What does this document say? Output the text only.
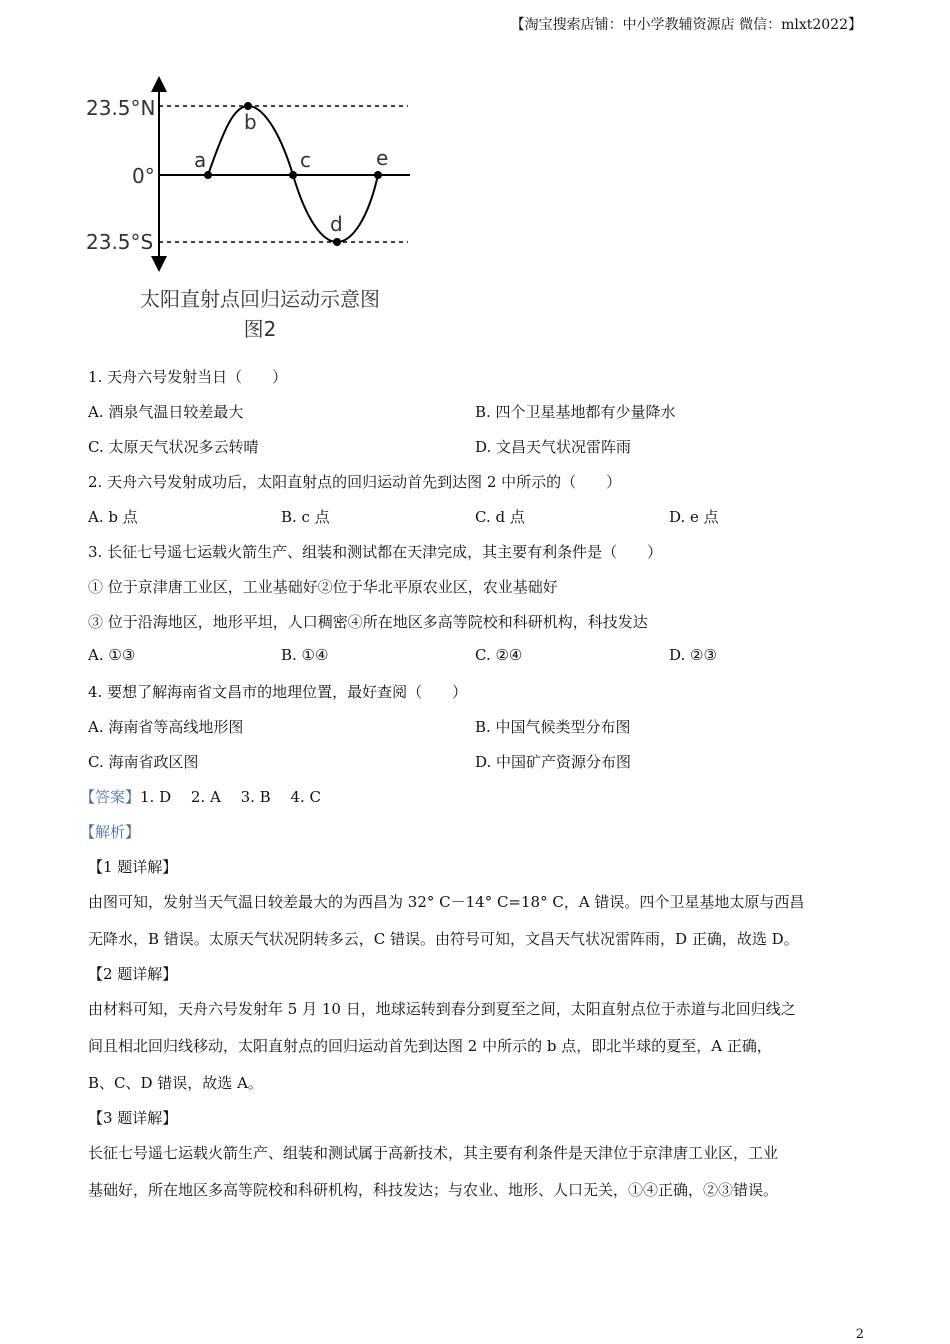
【淘宝搜索店铺：中小学教辅资源店 微信：mlxt2022】
23.5°N
0°
23.5°S
a
b
c
d
e
太阳直射点回归运动示意图
图2
1. 天舟六号发射当日（　　）
A. 酒泉气温日较差最大	B. 四个卫星基地都有少量降水
C. 太原天气状况多云转晴	D. 文昌天气状况雷阵雨
2. 天舟六号发射成功后，太阳直射点的回归运动首先到达图 2 中所示的（　　）
A. b 点	B. c 点	C. d 点	D. e 点
3. 长征七号遥七运载火箭生产、组装和测试都在天津完成，其主要有利条件是（　　）
① 位于京津唐工业区，工业基础好②位于华北平原农业区，农业基础好
③ 位于沿海地区，地形平坦，人口稠密④所在地区多高等院校和科研机构，科技发达
A. ①③	B. ①④	C. ②④	D. ②③
4. 要想了解海南省文昌市的地理位置，最好查阅（　　）
A. 海南省等高线地形图	B. 中国气候类型分布图
C. 海南省政区图	D. 中国矿产资源分布图
【答案】1. D　 2. A　 3. B　 4. C
【解析】
【1 题详解】
由图可知，发射当天气温日较差最大的为西昌为 32° C－14° C=18° C，A 错误。四个卫星基地太原与西昌
无降水，B 错误。太原天气状况阴转多云，C 错误。由符号可知，文昌天气状况雷阵雨，D 正确，故选 D。
【2 题详解】
由材料可知，天舟六号发射年 5 月 10 日，地球运转到春分到夏至之间，太阳直射点位于赤道与北回归线之
间且相北回归线移动，太阳直射点的回归运动首先到达图 2 中所示的 b 点，即北半球的夏至，A 正确，
B、C、D 错误，故选 A。
【3 题详解】
长征七号遥七运载火箭生产、组装和测试属于高新技术，其主要有利条件是天津位于京津唐工业区，工业
基础好，所在地区多高等院校和科研机构，科技发达；与农业、地形、人口无关，①④正确，②③错误。
2
